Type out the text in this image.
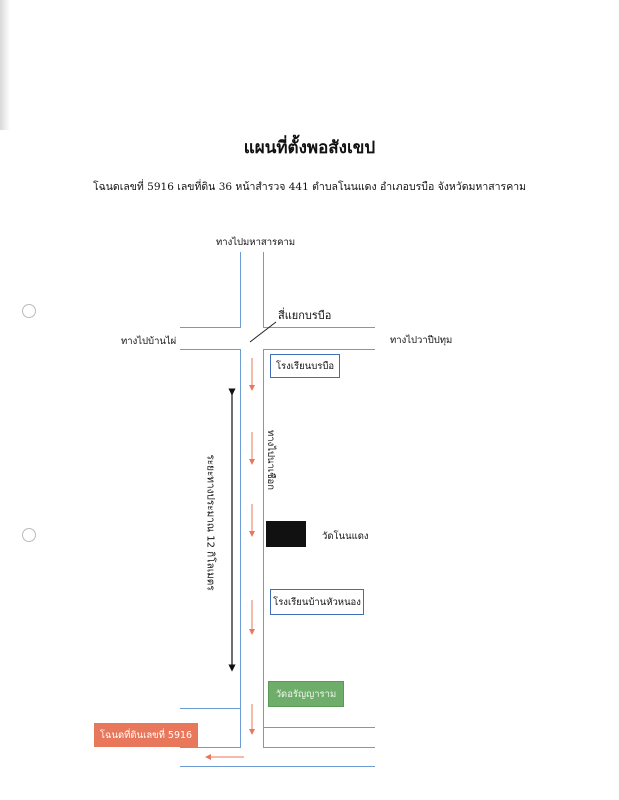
แผนที่ตั้งพอสังเขป
โฉนดเลขที่ 5916 เลขที่ดิน 36 หน้าสำรวจ 441 ตำบลโนนแดง อำเภอบรบือ จังหวัดมหาสารคาม
ทางไปมหาสารคาม
ทางไปบ้านไผ่	ทางไปวาปีปทุม
สี่แยกบรบือ
ทางไปนาเชือก
ระยะทางประมาณ 12 กิโลเมตร
โรงเรียนบรบือ
วัดโนนแดง
โรงเรียนบ้านหัวหนอง
วัดอรัญญาราม
โฉนดที่ดินเลขที่ 5916
